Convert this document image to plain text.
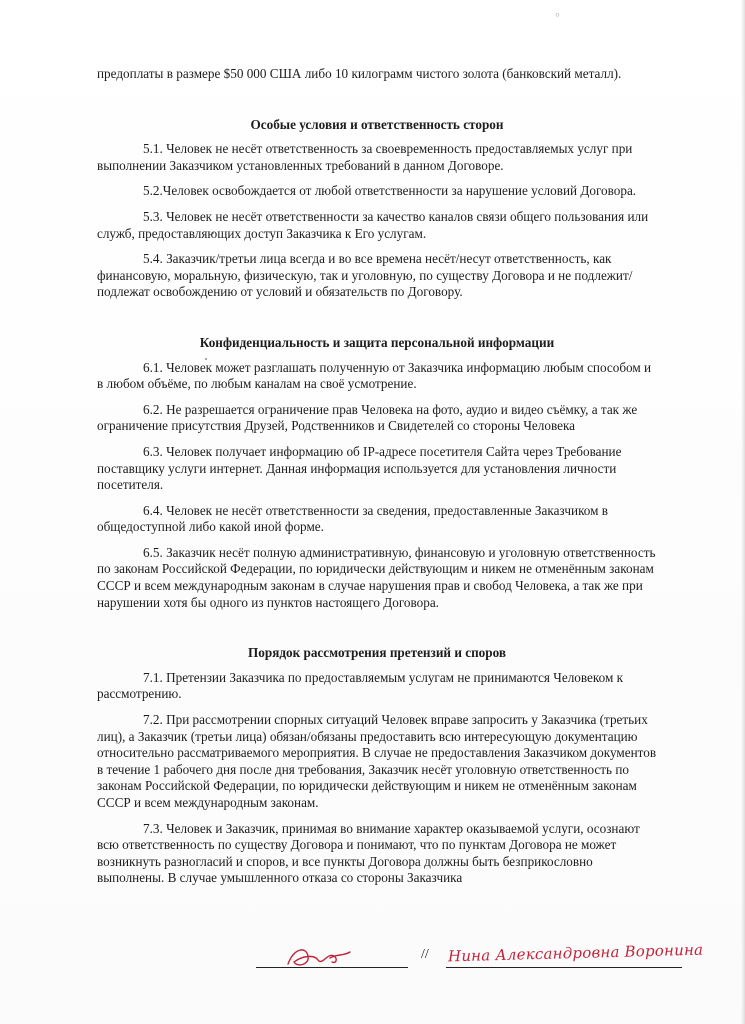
°

предоплаты в размере $50 000 США либо 10 килограмм чистого золота (банковский металл).

Особые условия и ответственность сторон

5.1. Человек не несёт ответственность за своевременность предоставляемых услуг при выполнении Заказчиком установленных требований в данном Договоре.

5.2.Человек освобождается от любой ответственности за нарушение условий Договора.

5.3. Человек не несёт ответственности за качество каналов связи общего пользования или служб, предоставляющих доступ Заказчика к Его услугам.

5.4. Заказчик/третьи лица всегда и во все времена несёт/несут ответственность, как финансовую, моральную, физическую, так и уголовную, по существу Договора и не подлежит/подлежат освобождению от условий и обязательств по Договору.

Конфиденциальность и защита персональной информации

6.1. Человек может разглашать полученную от Заказчика информацию любым способом и в любом объёме, по любым каналам на своё усмотрение.

6.2. Не разрешается ограничение прав Человека на фото, аудио и видео съёмку, а так же ограничение присутствия Друзей, Родственников и Свидетелей со стороны Человека

6.3. Человек получает информацию об IP-адресе посетителя Сайта через Требование поставщику услуги интернет. Данная информация используется для установления личности посетителя.

6.4. Человек не несёт ответственности за сведения, предоставленные Заказчиком в общедоступной либо какой иной форме.

6.5. Заказчик несёт полную административную, финансовую и уголовную ответственность по законам Российской Федерации, по юридически действующим и никем не отменённым законам СССР и всем международным законам в случае нарушения прав и свобод Человека, а так же при нарушении хотя бы одного из пунктов настоящего Договора.

Порядок рассмотрения претензий и споров

7.1. Претензии Заказчика по предоставляемым услугам не принимаются Человеком к рассмотрению.

7.2. При рассмотрении спорных ситуаций Человек вправе запросить у Заказчика (третьих лиц), а Заказчик (третьи лица) обязан/обязаны предоставить всю интересующую документацию относительно рассматриваемого мероприятия. В случае не предоставления Заказчиком документов в течение 1 рабочего дня после дня требования, Заказчик несёт уголовную ответственность по законам Российской Федерации, по юридически действующим и никем не отменённым законам СССР и всем международным законам.

7.3. Человек и Заказчик, принимая во внимание характер оказываемой услуги, осознают всю ответственность по существу Договора и понимают, что по пунктам Договора не может возникнуть разногласий и споров, и все пункты Договора должны быть безприкословно выполнены. В случае умышленного отказа со стороны Заказчика

// Нина Александровна Воронина
